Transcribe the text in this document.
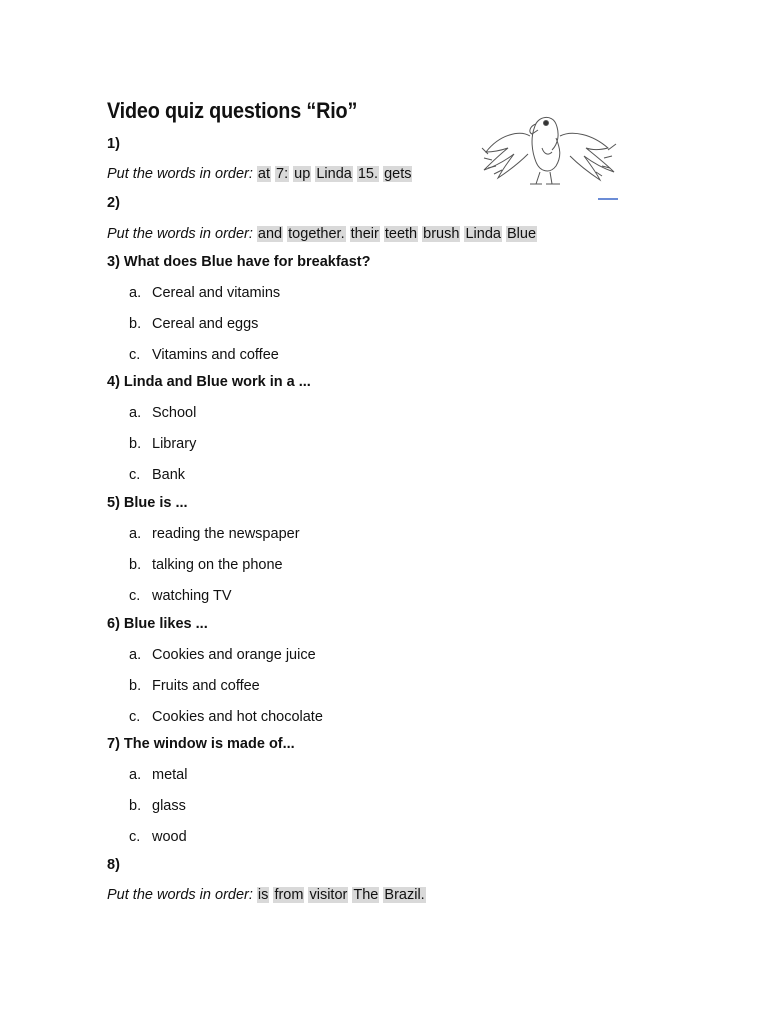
Video quiz questions “Rio”
1)
Put the words in order: at 7: up Linda 15. gets
2)
Put the words in order: and together. their teeth brush Linda Blue
3) What does Blue have for breakfast?
a. Cereal and vitamins
b. Cereal and eggs
c. Vitamins and coffee
4) Linda and Blue work in a ...
a. School
b. Library
c. Bank
5) Blue is ...
a. reading the newspaper
b. talking on the phone
c. watching TV
6) Blue likes ...
a. Cookies and orange juice
b. Fruits and coffee
c. Cookies and hot chocolate
7) The window is made of...
a. metal
b. glass
c. wood
8)
Put the words in order: is from visitor The Brazil.
